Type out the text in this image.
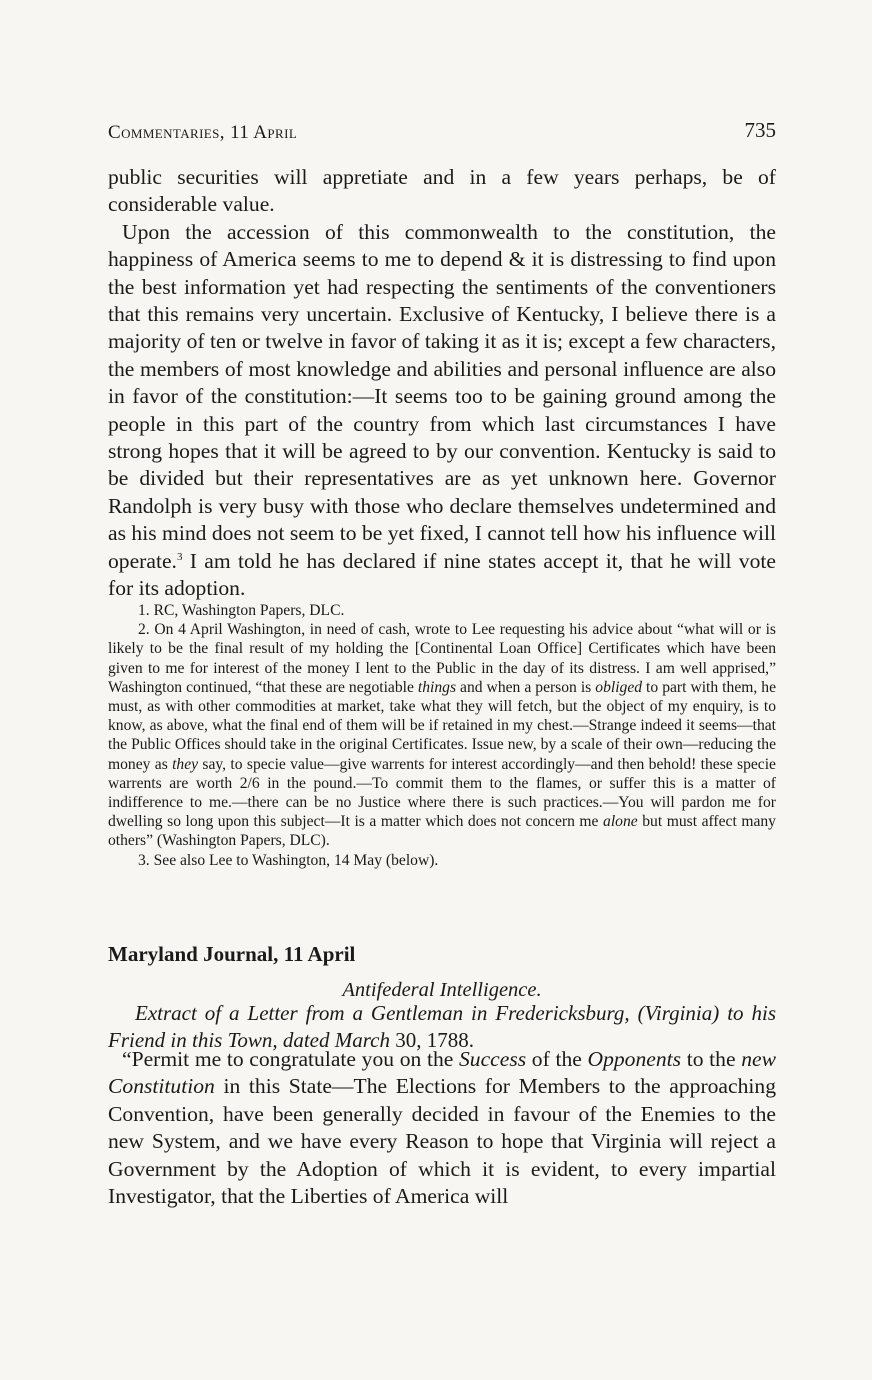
Commentaries, 11 April	735

public securities will appretiate and in a few years perhaps, be of considerable value.

Upon the accession of this commonwealth to the constitution, the happiness of America seems to me to depend & it is distressing to find upon the best information yet had respecting the sentiments of the conventioners that this remains very uncertain. Exclusive of Kentucky, I believe there is a majority of ten or twelve in favor of taking it as it is; except a few characters, the members of most knowledge and abilities and personal influence are also in favor of the constitution:—It seems too to be gaining ground among the people in this part of the country from which last circumstances I have strong hopes that it will be agreed to by our convention. Kentucky is said to be divided but their representatives are as yet unknown here. Governor Randolph is very busy with those who declare themselves undetermined and as his mind does not seem to be yet fixed, I cannot tell how his influence will operate.$^3$ I am told he has declared if nine states accept it, that he will vote for its adoption.

1. RC, Washington Papers, DLC.

2. On 4 April Washington, in need of cash, wrote to Lee requesting his advice about “what will or is likely to be the final result of my holding the [Continental Loan Office] Certificates which have been given to me for interest of the money I lent to the Public in the day of its distress. I am well apprised,” Washington continued, “that these are negotiable things and when a person is obliged to part with them, he must, as with other commodities at market, take what they will fetch, but the object of my enquiry, is to know, as above, what the final end of them will be if retained in my chest.—Strange indeed it seems—that the Public Offices should take in the original Certificates. Issue new, by a scale of their own—reducing the money as they say, to specie value—give warrents for interest accordingly—and then behold! these specie warrents are worth 2/6 in the pound.—To commit them to the flames, or suffer this is a matter of indifference to me.—there can be no Justice where there is such practices.—You will pardon me for dwelling so long upon this subject—It is a matter which does not concern me alone but must affect many others” (Washington Papers, DLC).

3. See also Lee to Washington, 14 May (below).

Maryland Journal, 11 April
Antifederal Intelligence.
Extract of a Letter from a Gentleman in Fredericksburg, (Virginia) to his Friend in this Town, dated March 30, 1788.
“Permit me to congratulate you on the Success of the Opponents to the new Constitution in this State—The Elections for Members to the approaching Convention, have been generally decided in favour of the Enemies to the new System, and we have every Reason to hope that Virginia will reject a Government by the Adoption of which it is evident, to every impartial Investigator, that the Liberties of America will
